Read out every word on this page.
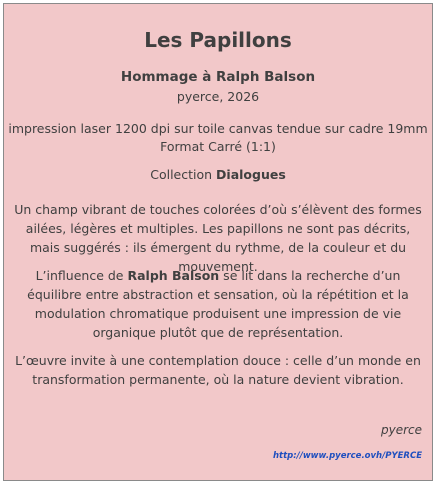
Les Papillons
Hommage à Ralph Balson
pyerce, 2026
impression laser 1200 dpi sur toile canvas tendue sur cadre 19mm
Format Carré (1:1)
Collection Dialogues
Un champ vibrant de touches colorées d’où s’élèvent des formes ailées, légères et multiples. Les papillons ne sont pas décrits, mais suggérés : ils émergent du rythme, de la couleur et du mouvement.
L’influence de Ralph Balson se lit dans la recherche d’un équilibre entre abstraction et sensation, où la répétition et la modulation chromatique produisent une impression de vie organique plutôt que de représentation.
L’œuvre invite à une contemplation douce : celle d’un monde en transformation permanente, où la nature devient vibration.
pyerce
http://www.pyerce.ovh/PYERCE
